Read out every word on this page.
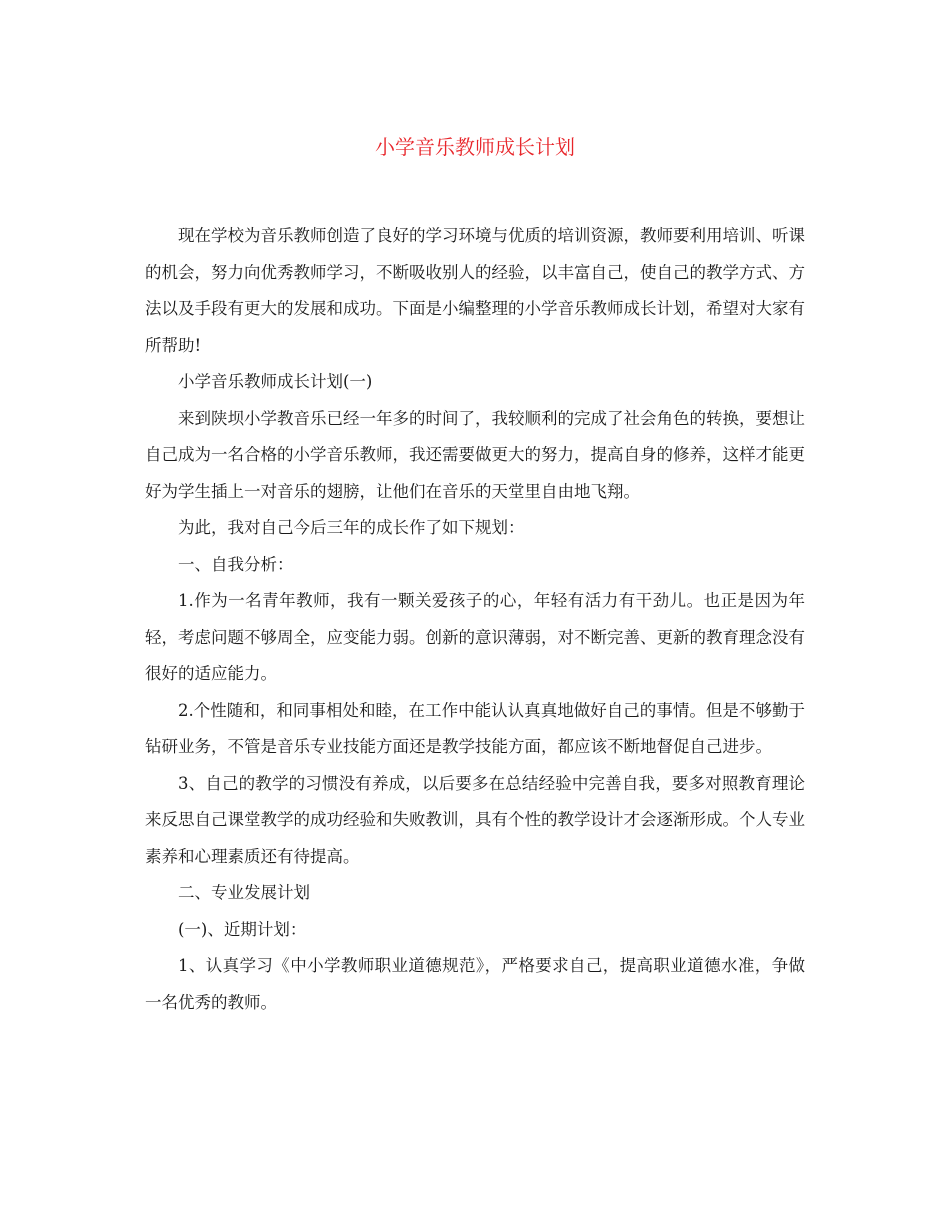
小学音乐教师成长计划

现在学校为音乐教师创造了良好的学习环境与优质的培训资源，教师要利用培训、听课的机会，努力向优秀教师学习，不断吸收别人的经验，以丰富自己，使自己的教学方式、方法以及手段有更大的发展和成功。下面是小编整理的小学音乐教师成长计划，希望对大家有所帮助!

小学音乐教师成长计划(一)

来到陕坝小学教音乐已经一年多的时间了，我较顺利的完成了社会角色的转换，要想让自己成为一名合格的小学音乐教师，我还需要做更大的努力，提高自身的修养，这样才能更好为学生插上一对音乐的翅膀，让他们在音乐的天堂里自由地飞翔。

为此，我对自己今后三年的成长作了如下规划：

一、自我分析：

1.作为一名青年教师，我有一颗关爱孩子的心，年轻有活力有干劲儿。也正是因为年轻，考虑问题不够周全，应变能力弱。创新的意识薄弱，对不断完善、更新的教育理念没有很好的适应能力。

2.个性随和，和同事相处和睦，在工作中能认认真真地做好自己的事情。但是不够勤于钻研业务，不管是音乐专业技能方面还是教学技能方面，都应该不断地督促自己进步。

3、自己的教学的习惯没有养成，以后要多在总结经验中完善自我，要多对照教育理论来反思自己课堂教学的成功经验和失败教训，具有个性的教学设计才会逐渐形成。个人专业素养和心理素质还有待提高。

二、专业发展计划

(一)、近期计划：

1、认真学习《中小学教师职业道德规范》，严格要求自己，提高职业道德水准，争做一名优秀的教师。
